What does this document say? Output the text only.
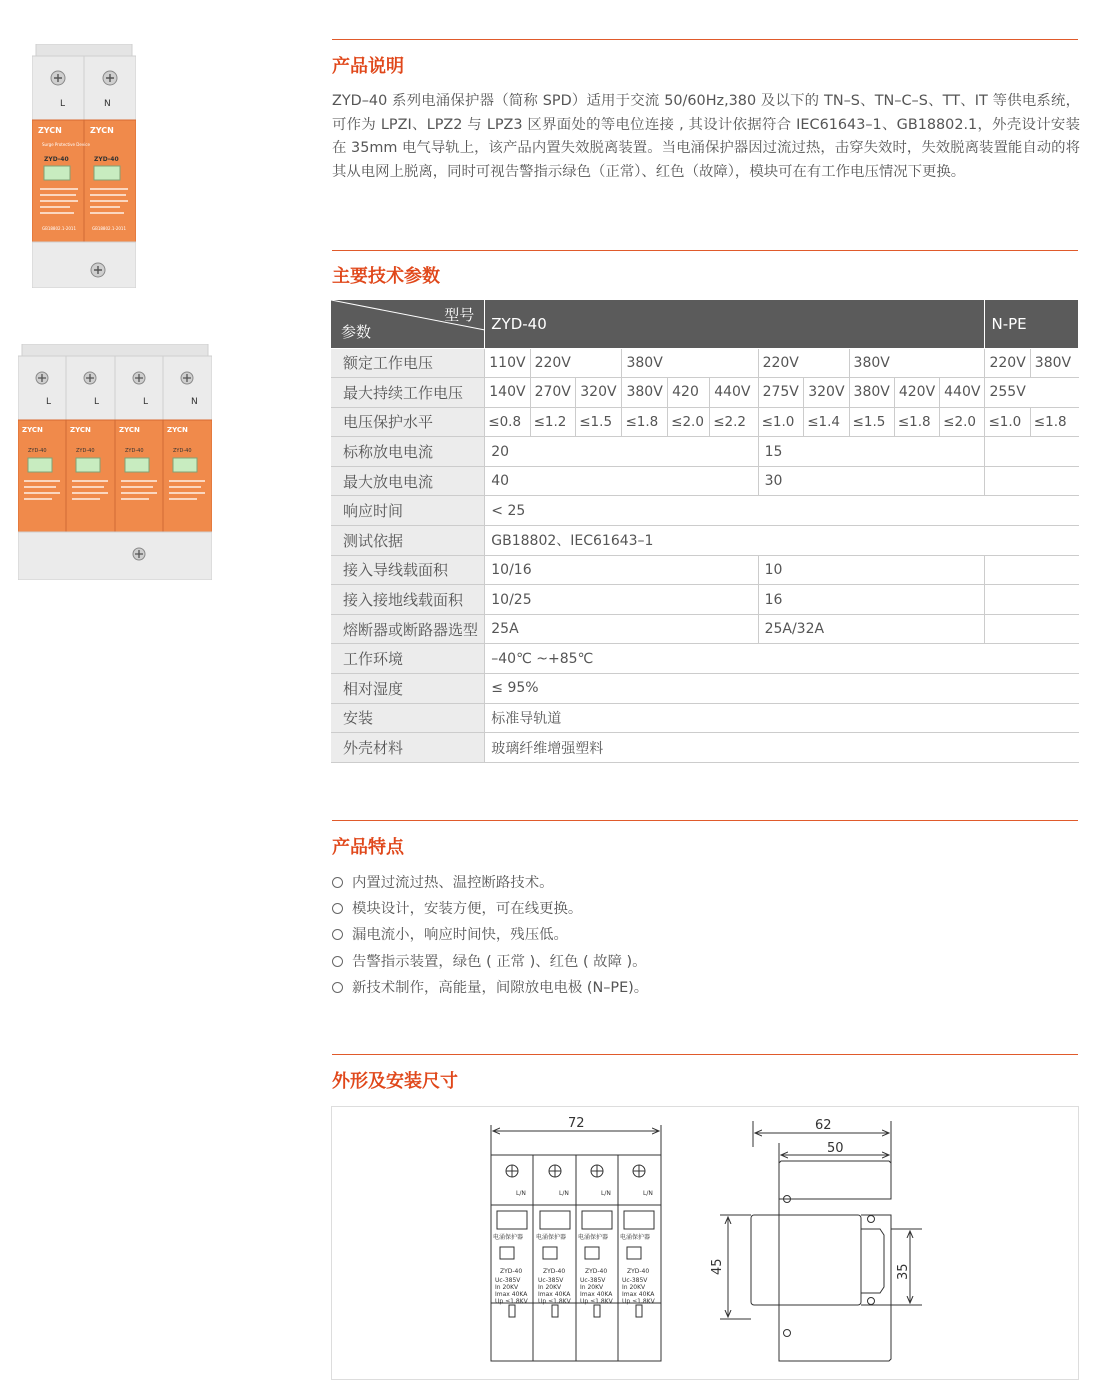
L	N
ZYCN	ZYCN
Surge Protective Device
ZYD-40	ZYD-40
GB18802.1-2011	GB18802.1-2011
L	L	L	N
ZYCN	ZYCN	ZYCN	ZYCN
ZYD-40	ZYD-40	ZYD-40	ZYD-40
产品说明

ZYD–40 系列电涌保护器（简称 SPD）适用于交流 50/60Hz,380 及以下的 TN–S、TN–C–S、TT、IT 等供电系统，可作为 LPZI、LPZ2 与 LPZ3 区界面处的等电位连接 , 其设计依据符合 IEC61643–1、GB18802.1，外壳设计安装在 35mm 电气导轨上，该产品内置失效脱离装置。当电涌保护器因过流过热，击穿失效时，失效脱离装置能自动的将其从电网上脱离，同时可视告警指示绿色（正常）、红色（故障），模块可在有工作电压情况下更换。

主要技术参数
型号
参数	ZYD-40											N-PE	
额定工作电压	110V	220V		380V			220V		380V			220V	380V
最大持续工作电压	140V	270V	320V	380V	420	440V	275V	320V	380V	420V	440V	255V	
电压保护水平	≤0.8	≤1.2	≤1.5	≤1.8	≤2.0	≤2.2	≤1.0	≤1.4	≤1.5	≤1.8	≤2.0	≤1.0	≤1.8
标称放电电流	20						15						
最大放电电流	40						30						
响应时间	< 25												
测试依据	GB18802、IEC61643–1												
接入导线载面积	10/16						10						
接入接地线载面积	10/25						16						
熔断器或断路器选型	25A						25A/32A						
工作环境	–40℃ ~+85℃												
相对湿度	≤ 95%												
安装	标准导轨道												
外壳材料	玻璃纤维增强塑料												
产品特点
内置过流过热、温控断路技术。
模块设计，安装方便，可在线更换。
漏电流小，响应时间快，残压低。
告警指示装置，绿色 ( 正常 )、红色 ( 故障 )。
新技术制作，高能量，间隙放电电极 (N–PE)。
外形及安装尺寸
72
L/N
电涌保护器
ZYD-40
Uc-385V
In 20KV
Imax 40KA
Up ≤1.8KV
L/N
电涌保护器
ZYD-40
Uc-385V
In 20KV
Imax 40KA
Up ≤1.8KV
L/N
电涌保护器
ZYD-40
Uc-385V
In 20KV
Imax 40KA
Up ≤1.8KV
L/N
电涌保护器
ZYD-40
Uc-385V
In 20KV
Imax 40KA
Up ≤1.8KV
62
50
45	35
